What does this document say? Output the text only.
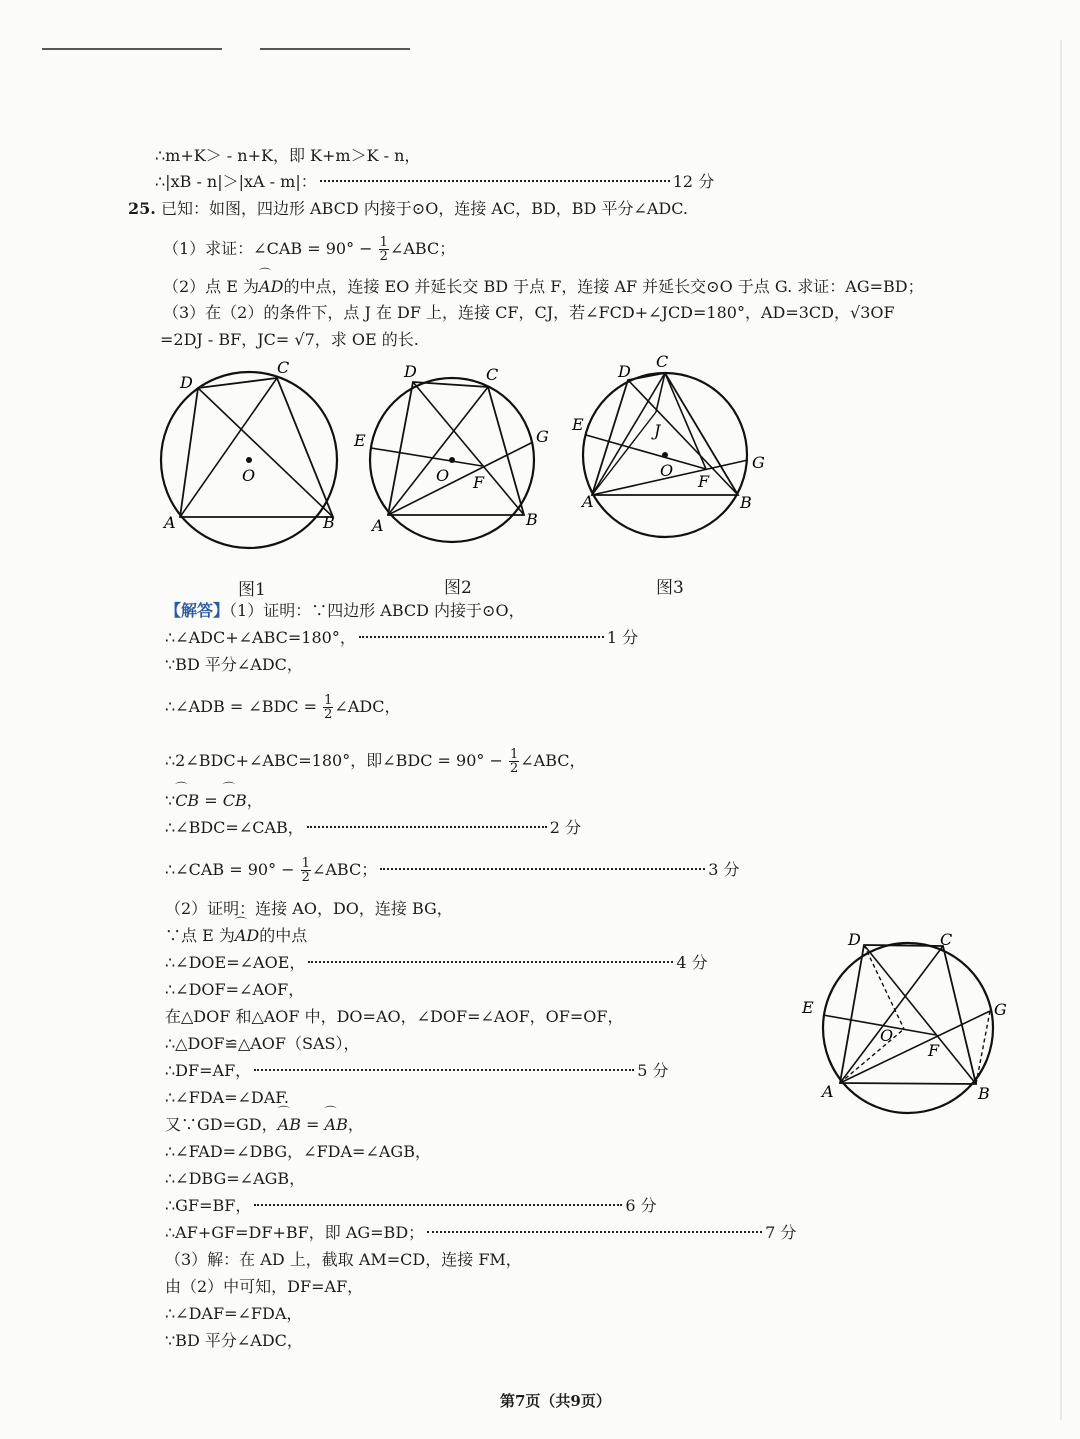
∴m+K＞ - n+K，即 K+m＞K - n，
∴|xB - n|＞|xA - m|：	12 分
25. 已知：如图，四边形 ABCD 内接于⊙O，连接 AC，BD，BD 平分∠ADC.
（1）求证：∠CAB = $90^\circ - \frac{1}{2}$ ∠ABC；
（2）点 E 为⌒ AD的中点，连接 EO 并延长交 BD 于点 F，连接 AF 并延长交⊙O 于点 G. 求证：AG=BD；
（3）在（2）的条件下，点 J 在 DF 上，连接 CF，CJ，若∠FCD+∠JCD=180°，AD=3CD，√3OF
=2DJ - BF，JC= √7，求 OE 的长.
D
C
O
A	B
图1
D	C
E	G
O F
A	B
图2
D
C
E	J
G
O
F
A	B
图3
【解答】（1）证明：∵四边形 ABCD 内接于⊙O，
∴∠ADC+∠ABC=180°，	1 分
∵BD 平分∠ADC，
∴∠ADB = ∠BDC = $\frac{1}{2}$ ∠ADC，
∴2∠BDC+∠ABC=180°，即∠BDC = $90^\circ - \frac{1}{2}$ ∠ABC，
∵⌒ CB = ⌒ CB，
∴∠BDC=∠CAB，	2 分
∴∠CAB = $90^\circ - \frac{1}{2}$ ∠ABC；	3 分
（2）证明：连接 AO，DO，连接 BG，
∵点 E 为⌒ AD的中点
∴∠DOE=∠AOE，	4 分
∴∠DOF=∠AOF，
在△DOF 和△AOF 中，DO=AO，∠DOF=∠AOF，OF=OF，
∴△DOF≌△AOF（SAS），
∴DF=AF，	5 分
∴∠FDA=∠DAF.
又∵GD=GD，⌒ AB = ⌒ AB，
∴∠FAD=∠DBG，∠FDA=∠AGB，
∴∠DBG=∠AGB，
∴GF=BF，	6 分
∴AF+GF=DF+BF，即 AG=BD；	7 分
（3）解：在 AD 上，截取 AM=CD，连接 FM，
由（2）中可知，DF=AF，
∴∠DAF=∠FDA，
∵BD 平分∠ADC，
D	C
E	G
O
F
A	B
第7页（共9页）
